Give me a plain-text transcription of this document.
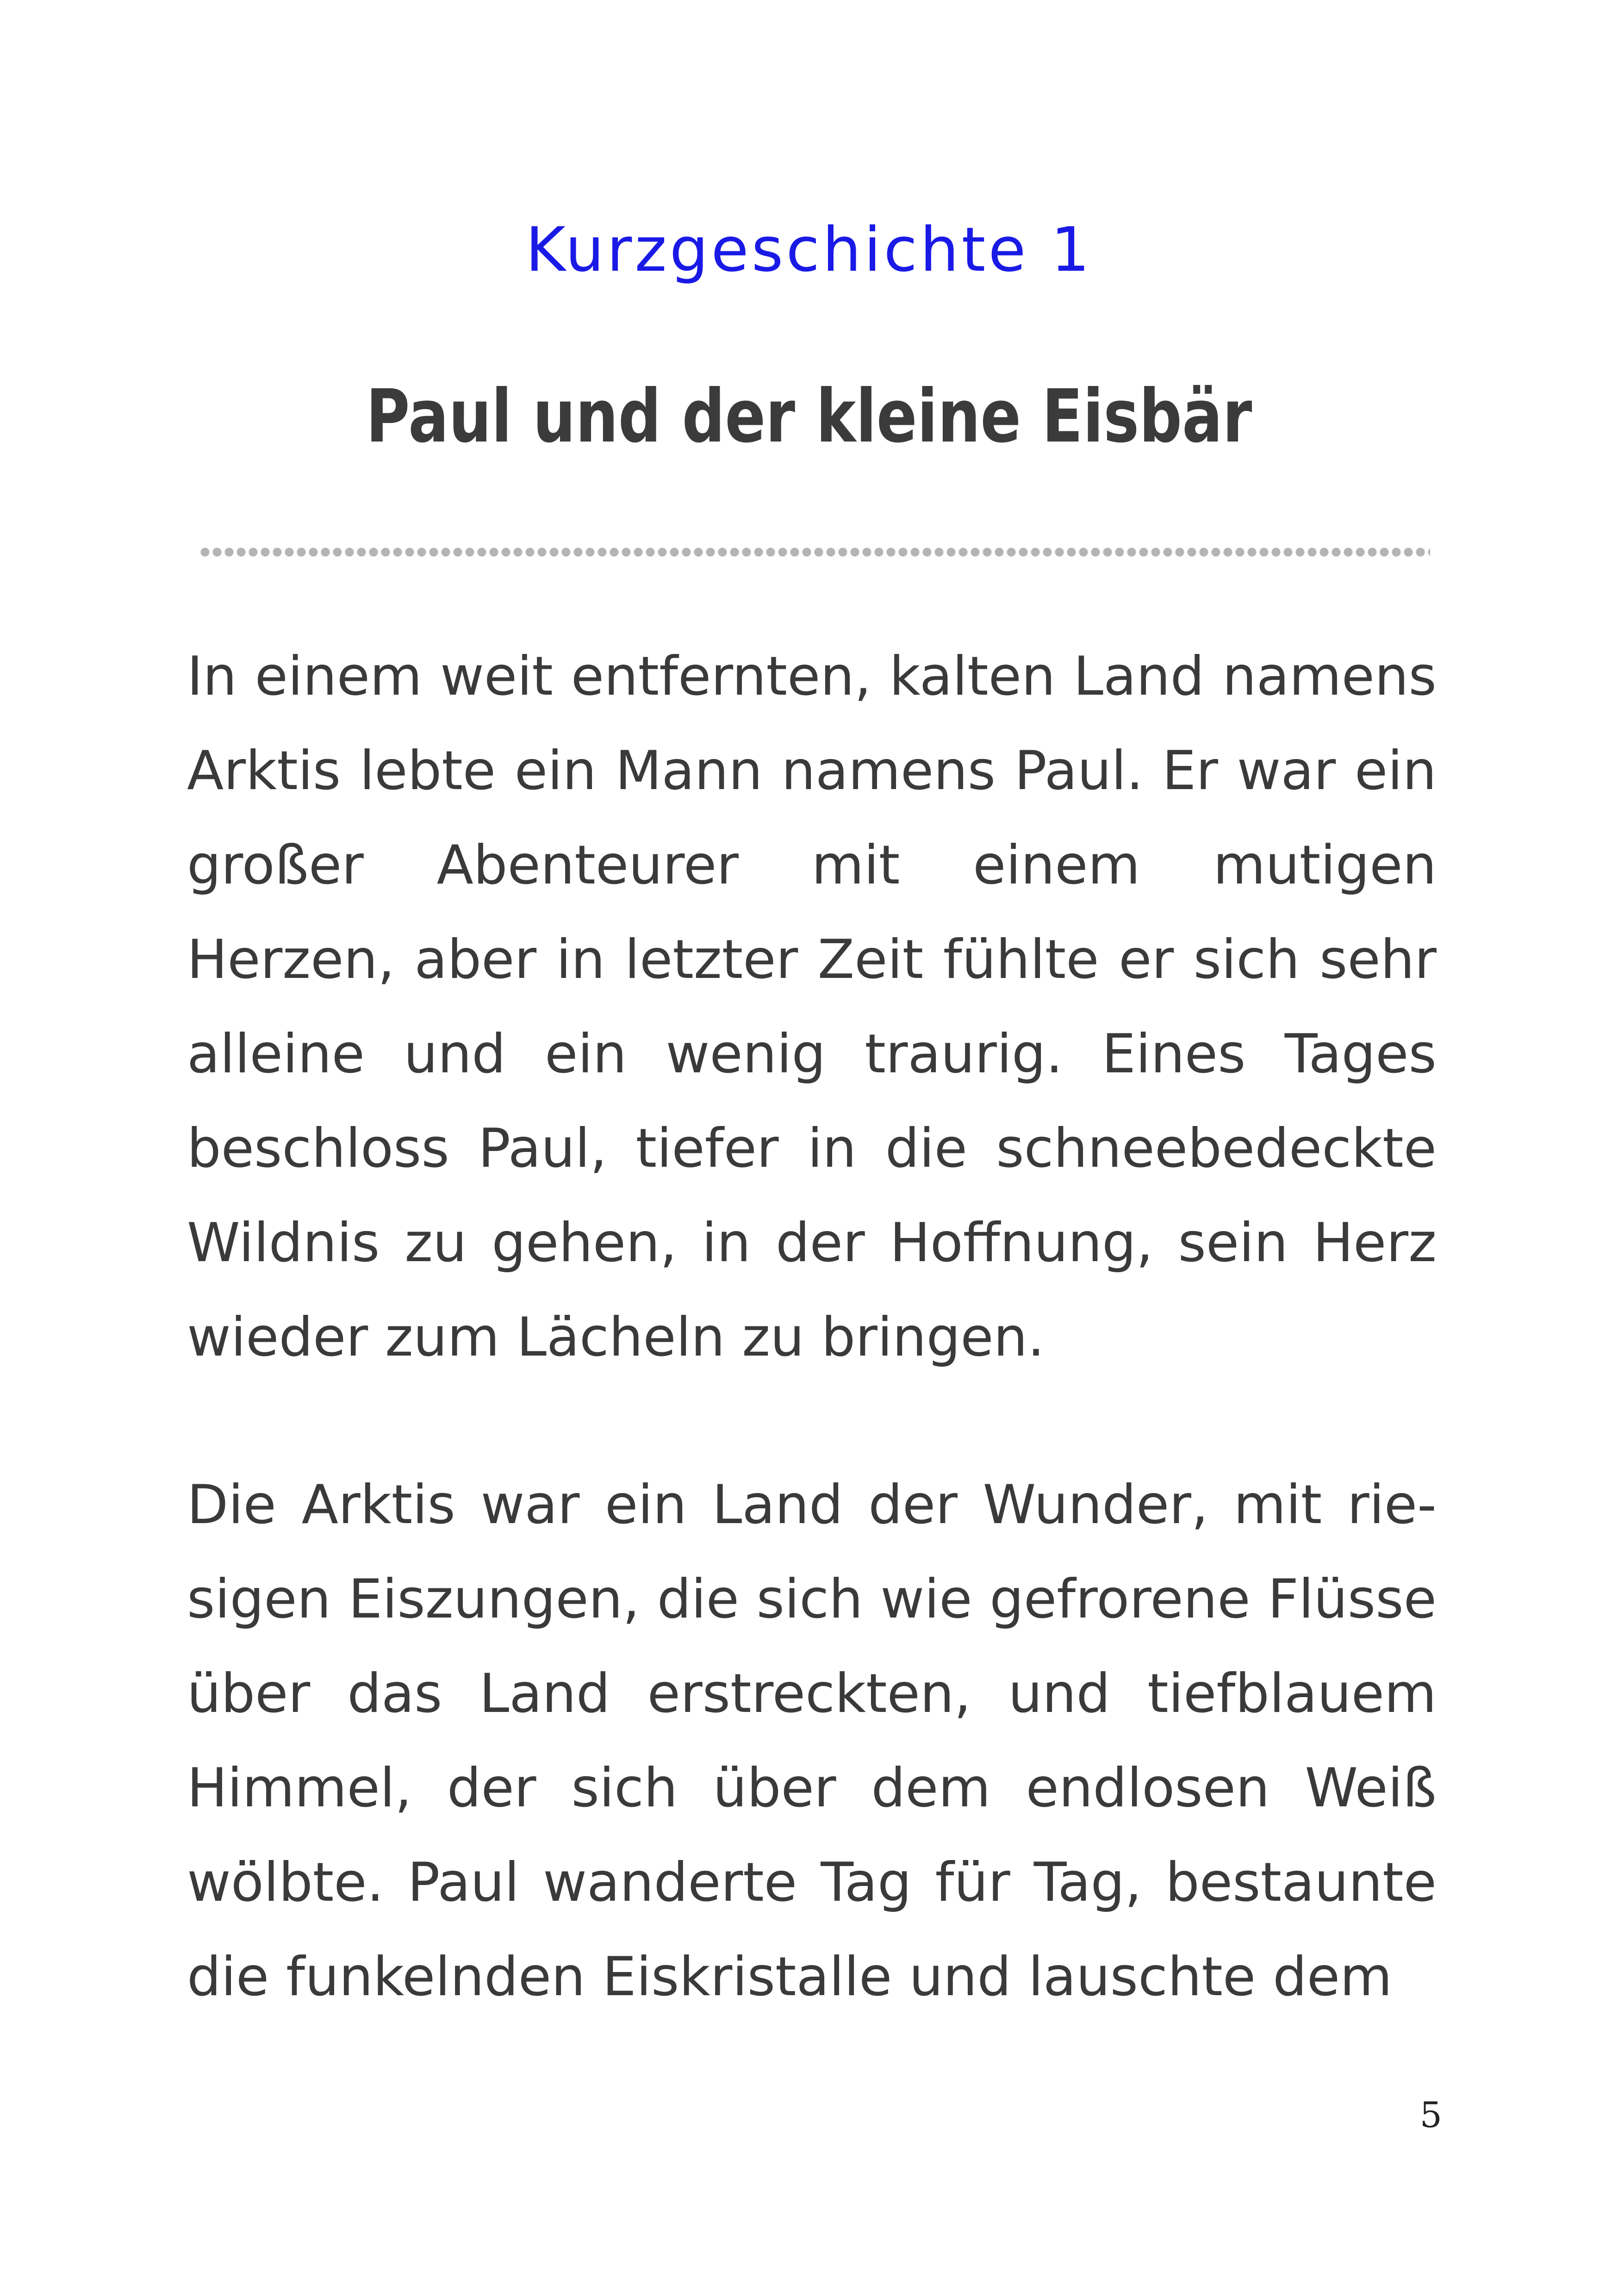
Kurzgeschichte 1
Paul und der kleine Eisbär

In einem weit entfernten, kalten Land namens Arktis lebte ein Mann namens Paul. Er war ein großer Abenteurer mit einem mutigen Herzen, aber in letzter Zeit fühlte er sich sehr alleine und ein wenig traurig. Eines Tages beschloss Paul, tiefer in die schneebedeckte Wildnis zu gehen, in der Hoffnung, sein Herz wieder zum Lächeln zu bringen.

Die Arktis war ein Land der Wunder, mit riesigen Eiszungen, die sich wie gefrorene Flüsse über das Land erstreckten, und tiefblauem Himmel, der sich über dem endlosen Weiß wölbte. Paul wanderte Tag für Tag, bestaunte die funkelnden Eiskristalle und lauschte dem

5
